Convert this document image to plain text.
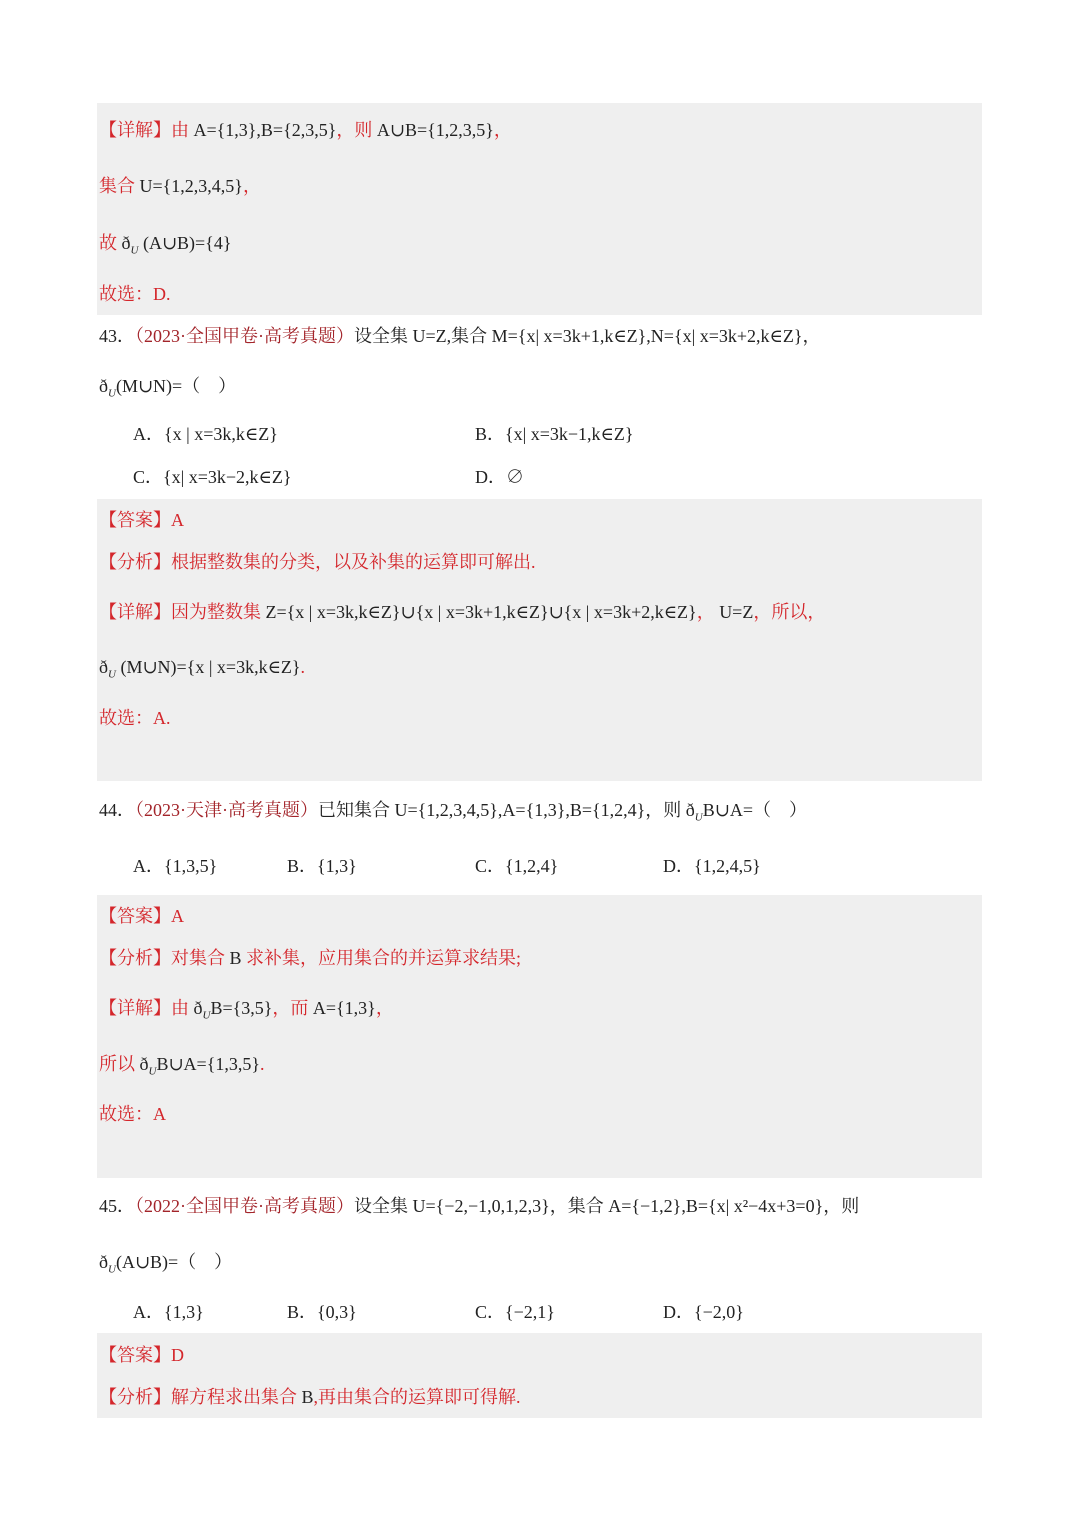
【详解】由 A={1,3},B={2,3,5}，则 A∪B={1,2,3,5}，
集合 U={1,2,3,4,5}，
故 $ð_U$ (A∪B)={4}
故选：D.
43．（2023·全国甲卷·高考真题）设全集 U=Z,集合 M={x| x=3k+1,k∈Z},N={x| x=3k+2,k∈Z}，
$ð_U(M\cup N)=$（　）
A．{x | x=3k,k∈Z}	B．{x| x=3k−1,k∈Z}
C．{x| x=3k−2,k∈Z}	D．∅
【答案】A
【分析】根据整数集的分类，以及补集的运算即可解出.
【详解】因为整数集 Z={x | x=3k,k∈Z}∪{x | x=3k+1,k∈Z}∪{x | x=3k+2,k∈Z}， U=Z，所以，
$ð_U$ (M∪N)={x | x=3k,k∈Z}.
故选：A.
44．（2023·天津·高考真题）已知集合 U={1,2,3,4,5},A={1,3},B={1,2,4}，则 $ð_UB\cup A=$（　）
A．{1,3,5}	B．{1,3}	C．{1,2,4}	D．{1,2,4,5}
【答案】A
【分析】对集合 B 求补集，应用集合的并运算求结果;
【详解】由 $ð_UB=\{3,5\}$，而 A={1,3}，
所以 $ð_UB\cup A=\{1,3,5\}$.
故选：A
45．（2022·全国甲卷·高考真题）设全集 U={−2,−1,0,1,2,3}，集合 A={−1,2},B={x| x²−4x+3=0}，则
$ð_U(A\cup B)=$（　）
A．{1,3}	B．{0,3}	C．{−2,1}	D．{−2,0}
【答案】D
【分析】解方程求出集合 B,再由集合的运算即可得解.
